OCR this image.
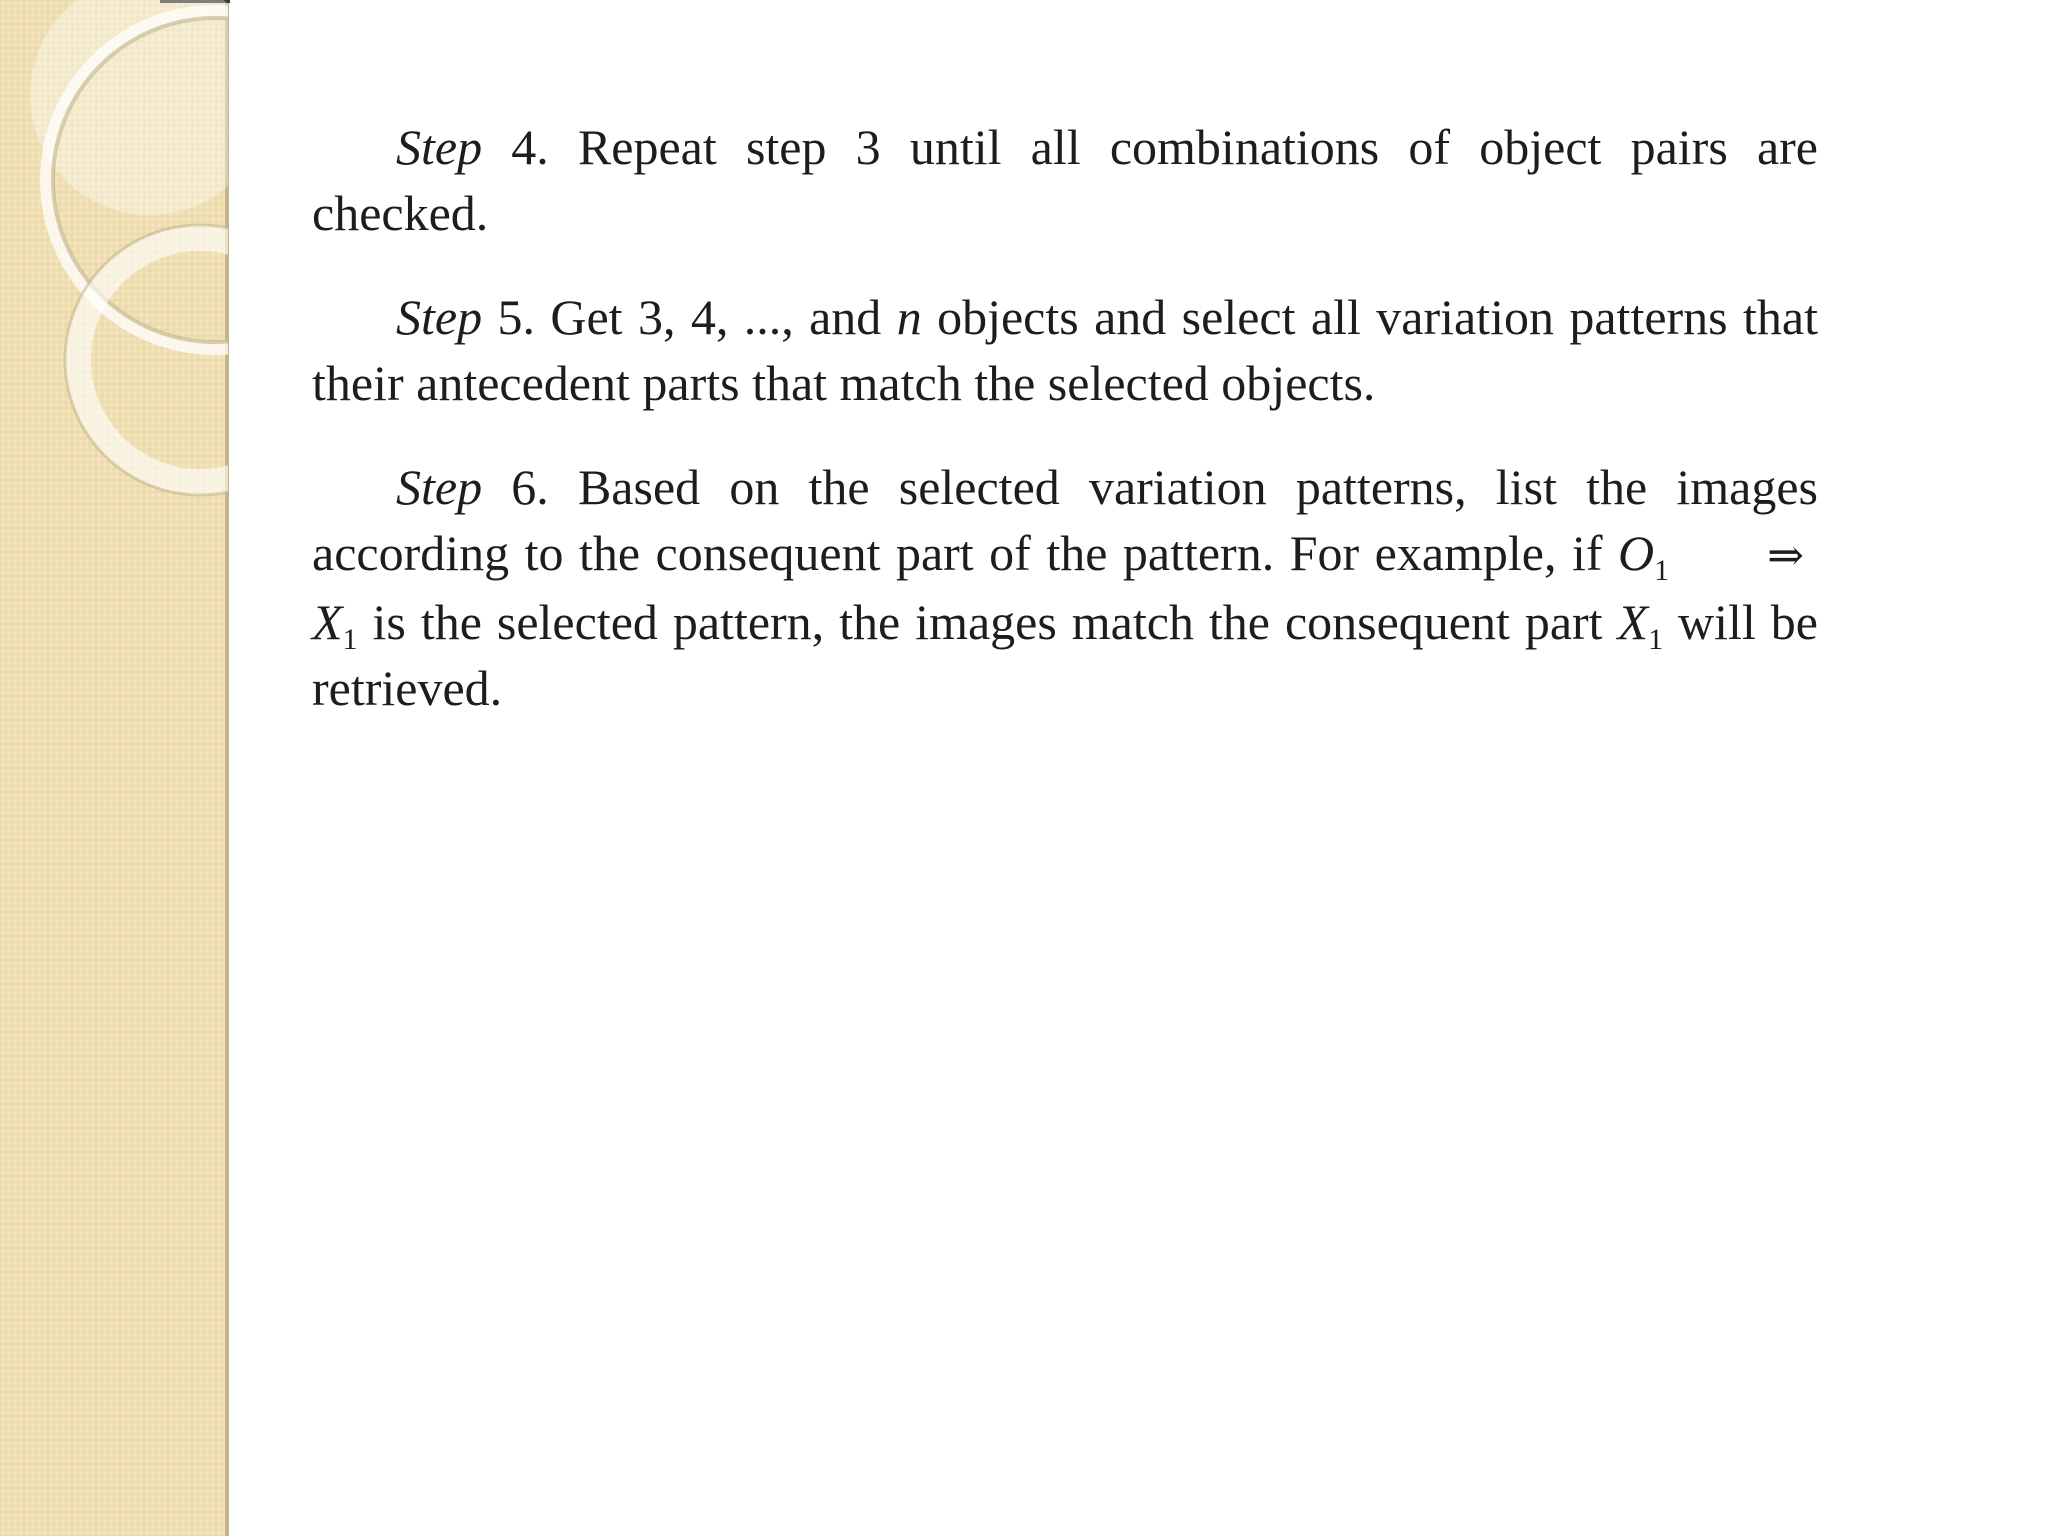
Step 4. Repeat step 3 until all combinations of object pairs are checked.

Step 5. Get 3, 4, ..., and n objects and select all variation patterns that their antecedent parts that match the selected objects.

Step 6. Based on the selected variation patterns, list the images according to the consequent part of the pattern. For example, if $O_1$ $\Rightarrow X_1$ is the selected pattern, the images match the consequent part $X_1$ will be retrieved.
